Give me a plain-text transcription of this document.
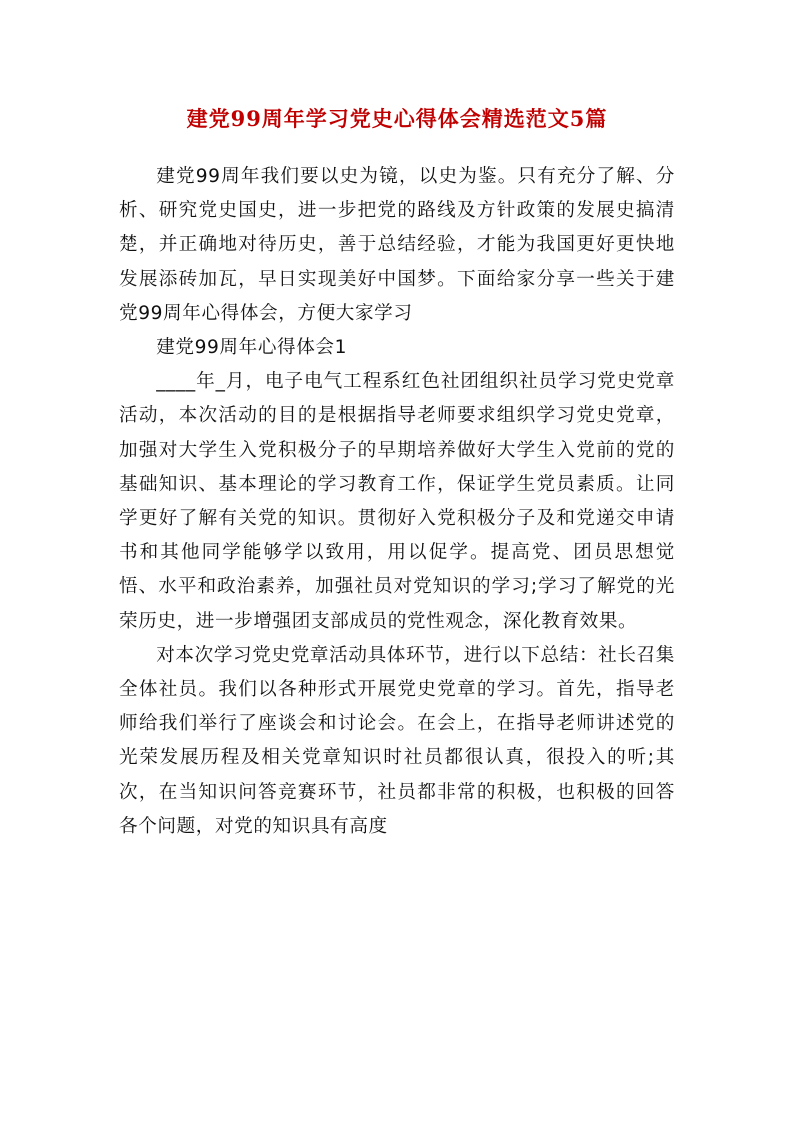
建党99周年学习党史心得体会精选范文5篇

建党99周年我们要以史为镜，以史为鉴。只有充分了解、分析、研究党史国史，进一步把党的路线及方针政策的发展史搞清楚，并正确地对待历史，善于总结经验，才能为我国更好更快地发展添砖加瓦，早日实现美好中国梦。下面给家分享一些关于建党99周年心得体会，方便大家学习

建党99周年心得体会1

____年_月，电子电气工程系红色社团组织社员学习党史党章活动，本次活动的目的是根据指导老师要求组织学习党史党章，加强对大学生入党积极分子的早期培养做好大学生入党前的党的基础知识、基本理论的学习教育工作，保证学生党员素质。让同学更好了解有关党的知识。贯彻好入党积极分子及和党递交申请书和其他同学能够学以致用，用以促学。提高党、团员思想觉悟、水平和政治素养，加强社员对党知识的学习;学习了解党的光荣历史，进一步增强团支部成员的党性观念，深化教育效果。

对本次学习党史党章活动具体环节，进行以下总结：社长召集全体社员。我们以各种形式开展党史党章的学习。首先，指导老师给我们举行了座谈会和讨论会。在会上，在指导老师讲述党的光荣发展历程及相关党章知识时社员都很认真，很投入的听;其次，在当知识问答竞赛环节，社员都非常的积极，也积极的回答各个问题，对党的知识具有高度
